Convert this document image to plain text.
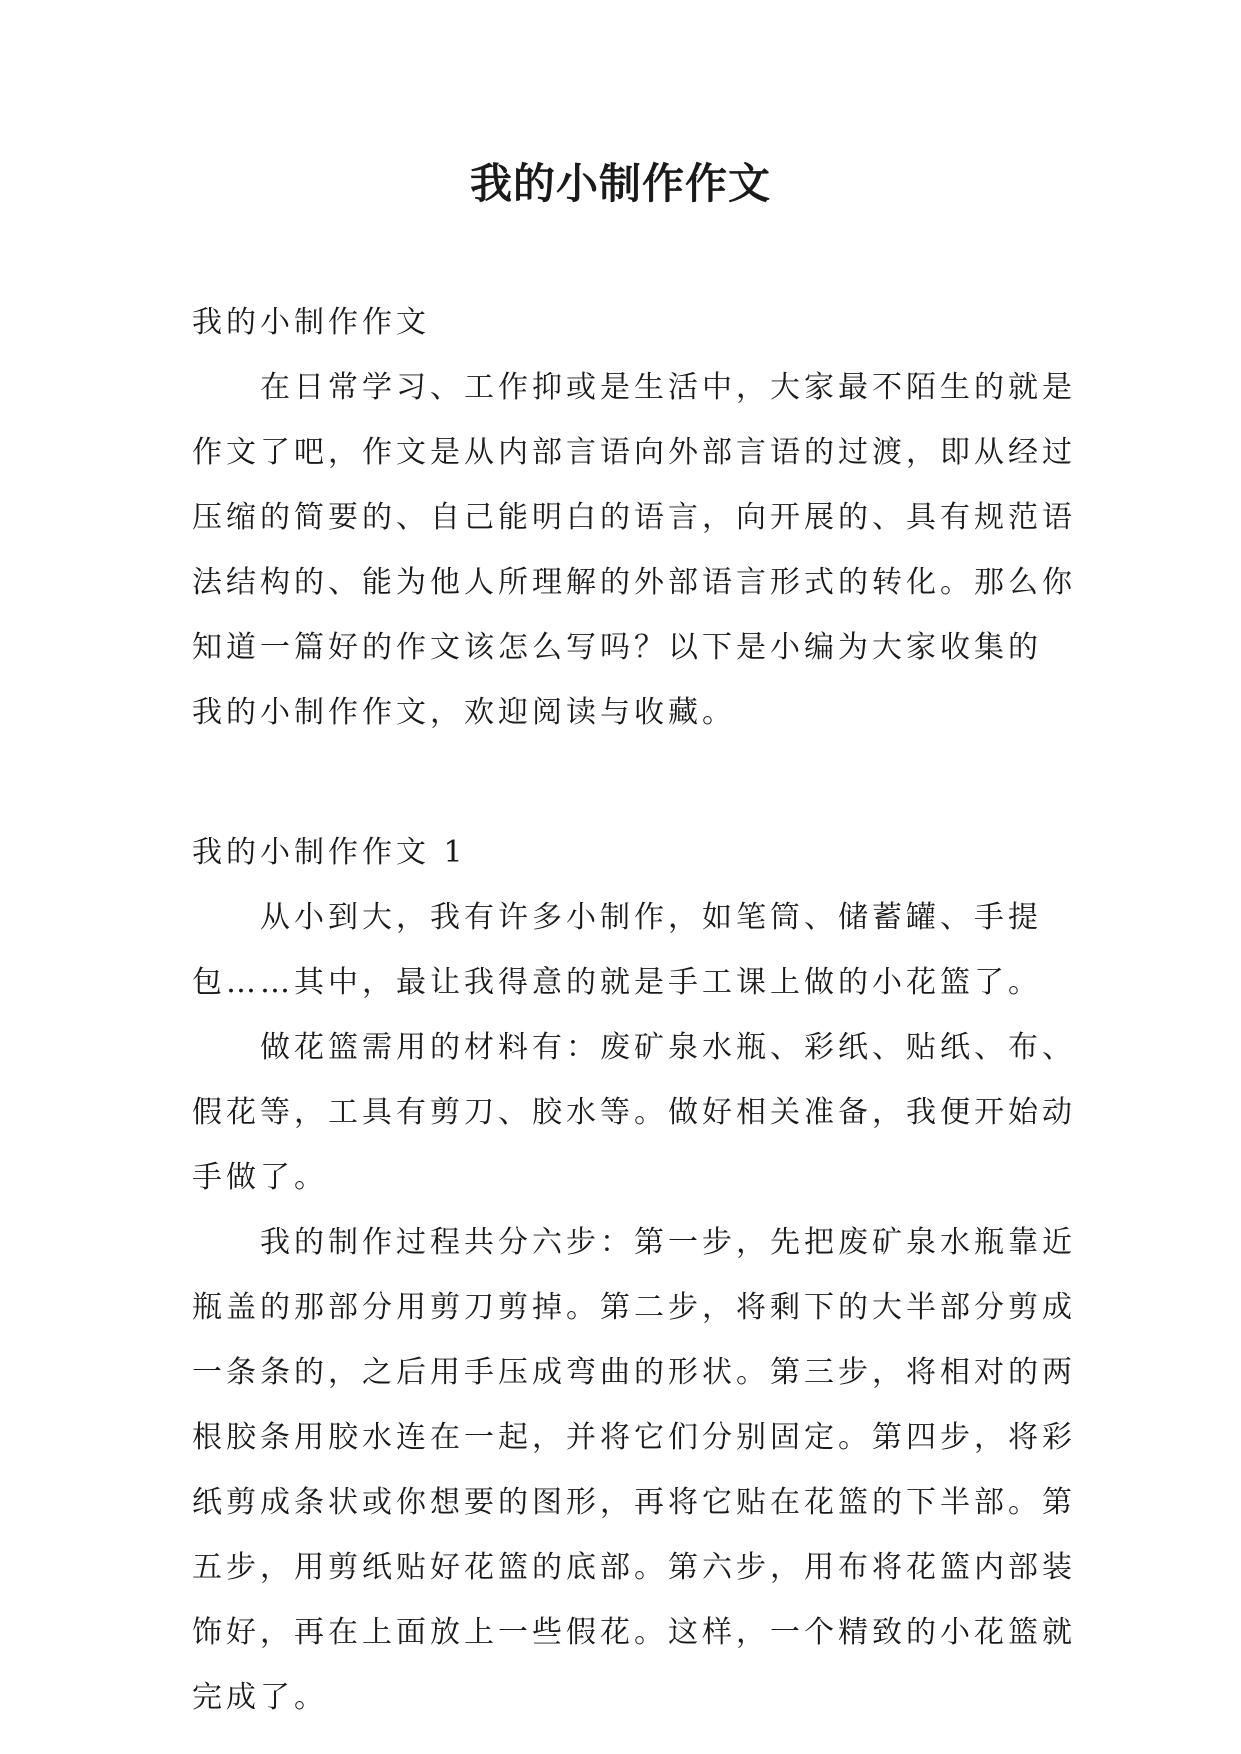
我的小制作作文
我的小制作作文
在日常学习、工作抑或是生活中，大家最不陌生的就是
作文了吧，作文是从内部言语向外部言语的过渡，即从经过
压缩的简要的、自己能明白的语言，向开展的、具有规范语
法结构的、能为他人所理解的外部语言形式的转化。那么你
知道一篇好的作文该怎么写吗？以下是小编为大家收集的
我的小制作作文，欢迎阅读与收藏。
我的小制作作文 1
从小到大，我有许多小制作，如笔筒、储蓄罐、手提
包……其中，最让我得意的就是手工课上做的小花篮了。
做花篮需用的材料有：废矿泉水瓶、彩纸、贴纸、布、
假花等，工具有剪刀、胶水等。做好相关准备，我便开始动
手做了。
我的制作过程共分六步：第一步，先把废矿泉水瓶靠近
瓶盖的那部分用剪刀剪掉。第二步，将剩下的大半部分剪成
一条条的，之后用手压成弯曲的形状。第三步，将相对的两
根胶条用胶水连在一起，并将它们分别固定。第四步，将彩
纸剪成条状或你想要的图形，再将它贴在花篮的下半部。第
五步，用剪纸贴好花篮的底部。第六步，用布将花篮内部装
饰好，再在上面放上一些假花。这样，一个精致的小花篮就
完成了。
